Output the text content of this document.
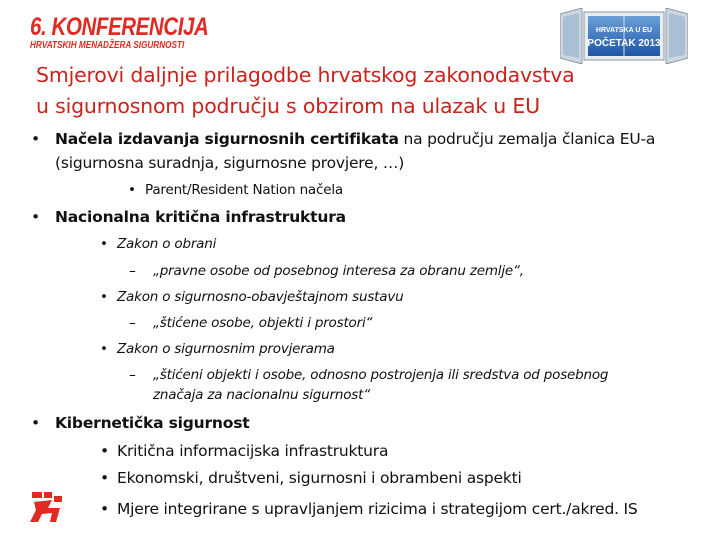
6. KONFERENCIJA
HRVATSKIH MENADŽERA SIGURNOSTI
HRVATSKA U EU
POČETAK 2013
Smjerovi daljnje prilagodbe hrvatskog zakonodavstva
u sigurnosnom području s obzirom na ulazak u EU
• Načela izdavanja sigurnosnih certifikata na području zemalja članica EU-a
(sigurnosna suradnja, sigurnosne provjere, …)
• Parent/Resident Nation načela
• Nacionalna kritična infrastruktura
• Zakon o obrani
– „pravne osobe od posebnog interesa za obranu zemlje“,
• Zakon o sigurnosno-obavještajnom sustavu
– „štićene osobe, objekti i prostori“
• Zakon o sigurnosnim provjerama
– „štićeni objekti i osobe, odnosno postrojenja ili sredstva od posebnog
značaja za nacionalnu sigurnost“
• Kibernetička sigurnost
• Kritična informacijska infrastruktura
• Ekonomski, društveni, sigurnosni i obrambeni aspekti
• Mjere integrirane s upravljanjem rizicima i strategijom cert./akred. IS
